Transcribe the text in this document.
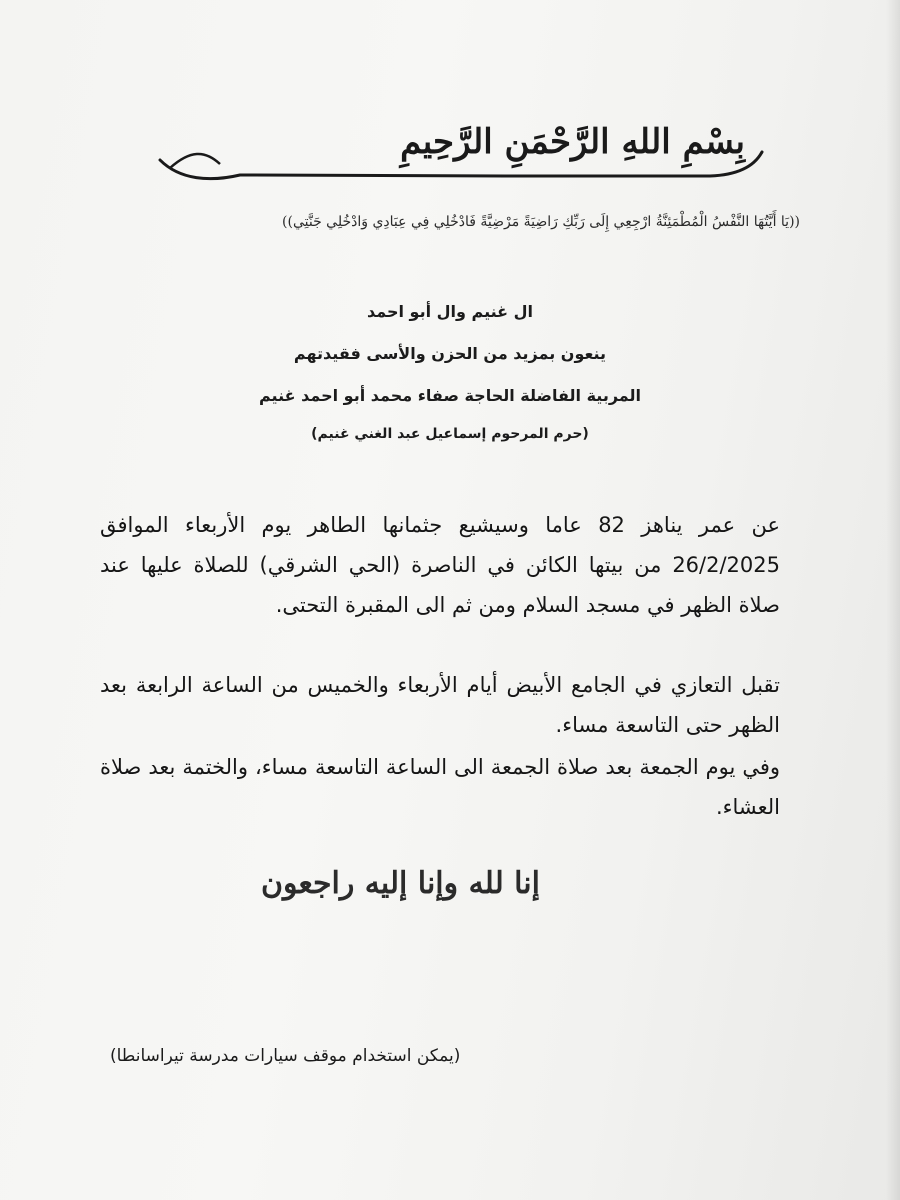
بِسْمِ اللهِ الرَّحْمَنِ الرَّحِيمِ
((يَا أَيَّتُهَا النَّفْسُ الْمُطْمَئِنَّةُ ارْجِعِي إِلَى رَبِّكِ رَاضِيَةً مَرْضِيَّةً فَادْخُلِي فِي عِبَادِي وَادْخُلِي جَنَّتِي))
ال غنيم وال أبو احمد
ينعون بمزيد من الحزن والأسى فقيدتهم
المربية الفاضلة الحاجة صفاء محمد أبو احمد غنيم
(حرم المرحوم إسماعيل عبد الغني غنيم)
عن عمر يناهز 82 عاما وسيشيع جثمانها الطاهر يوم الأربعاء الموافق 26/2/2025 من بيتها الكائن في الناصرة (الحي الشرقي) للصلاة عليها عند صلاة الظهر في مسجد السلام ومن ثم الى المقبرة التحتى.
تقبل التعازي في الجامع الأبيض أيام الأربعاء والخميس من الساعة الرابعة بعد الظهر حتى التاسعة مساء.
وفي يوم الجمعة بعد صلاة الجمعة الى الساعة التاسعة مساء، والختمة بعد صلاة العشاء.
إنا لله وإنا إليه راجعون
(يمكن استخدام موقف سيارات مدرسة تيراسانطا)
